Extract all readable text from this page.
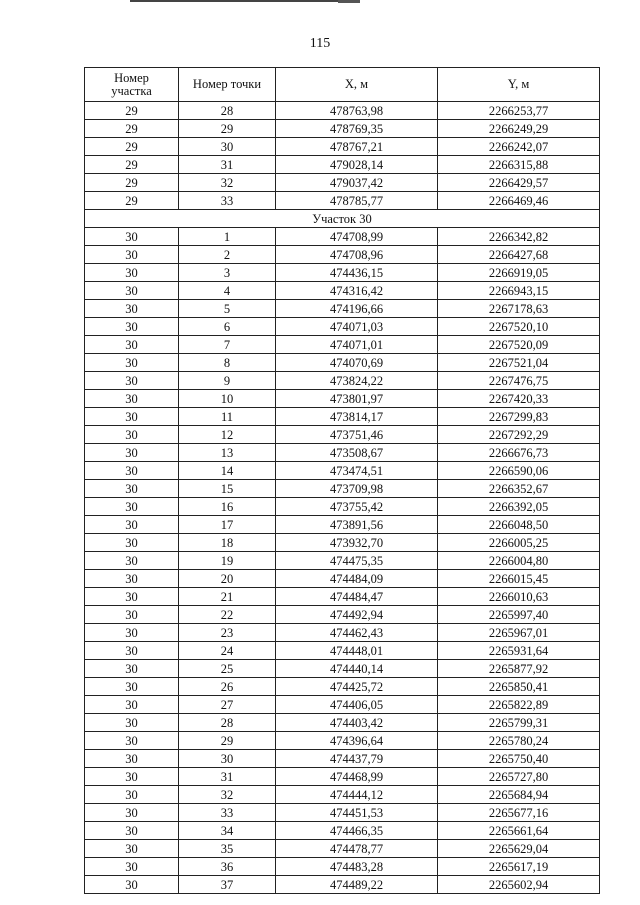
115
Номер участка	Номер точки	X, м	Y, м
29	28	478763,98	2266253,77
29	29	478769,35	2266249,29
29	30	478767,21	2266242,07
29	31	479028,14	2266315,88
29	32	479037,42	2266429,57
29	33	478785,77	2266469,46
Участок 30			
30	1	474708,99	2266342,82
30	2	474708,96	2266427,68
30	3	474436,15	2266919,05
30	4	474316,42	2266943,15
30	5	474196,66	2267178,63
30	6	474071,03	2267520,10
30	7	474071,01	2267520,09
30	8	474070,69	2267521,04
30	9	473824,22	2267476,75
30	10	473801,97	2267420,33
30	11	473814,17	2267299,83
30	12	473751,46	2267292,29
30	13	473508,67	2266676,73
30	14	473474,51	2266590,06
30	15	473709,98	2266352,67
30	16	473755,42	2266392,05
30	17	473891,56	2266048,50
30	18	473932,70	2266005,25
30	19	474475,35	2266004,80
30	20	474484,09	2266015,45
30	21	474484,47	2266010,63
30	22	474492,94	2265997,40
30	23	474462,43	2265967,01
30	24	474448,01	2265931,64
30	25	474440,14	2265877,92
30	26	474425,72	2265850,41
30	27	474406,05	2265822,89
30	28	474403,42	2265799,31
30	29	474396,64	2265780,24
30	30	474437,79	2265750,40
30	31	474468,99	2265727,80
30	32	474444,12	2265684,94
30	33	474451,53	2265677,16
30	34	474466,35	2265661,64
30	35	474478,77	2265629,04
30	36	474483,28	2265617,19
30	37	474489,22	2265602,94
